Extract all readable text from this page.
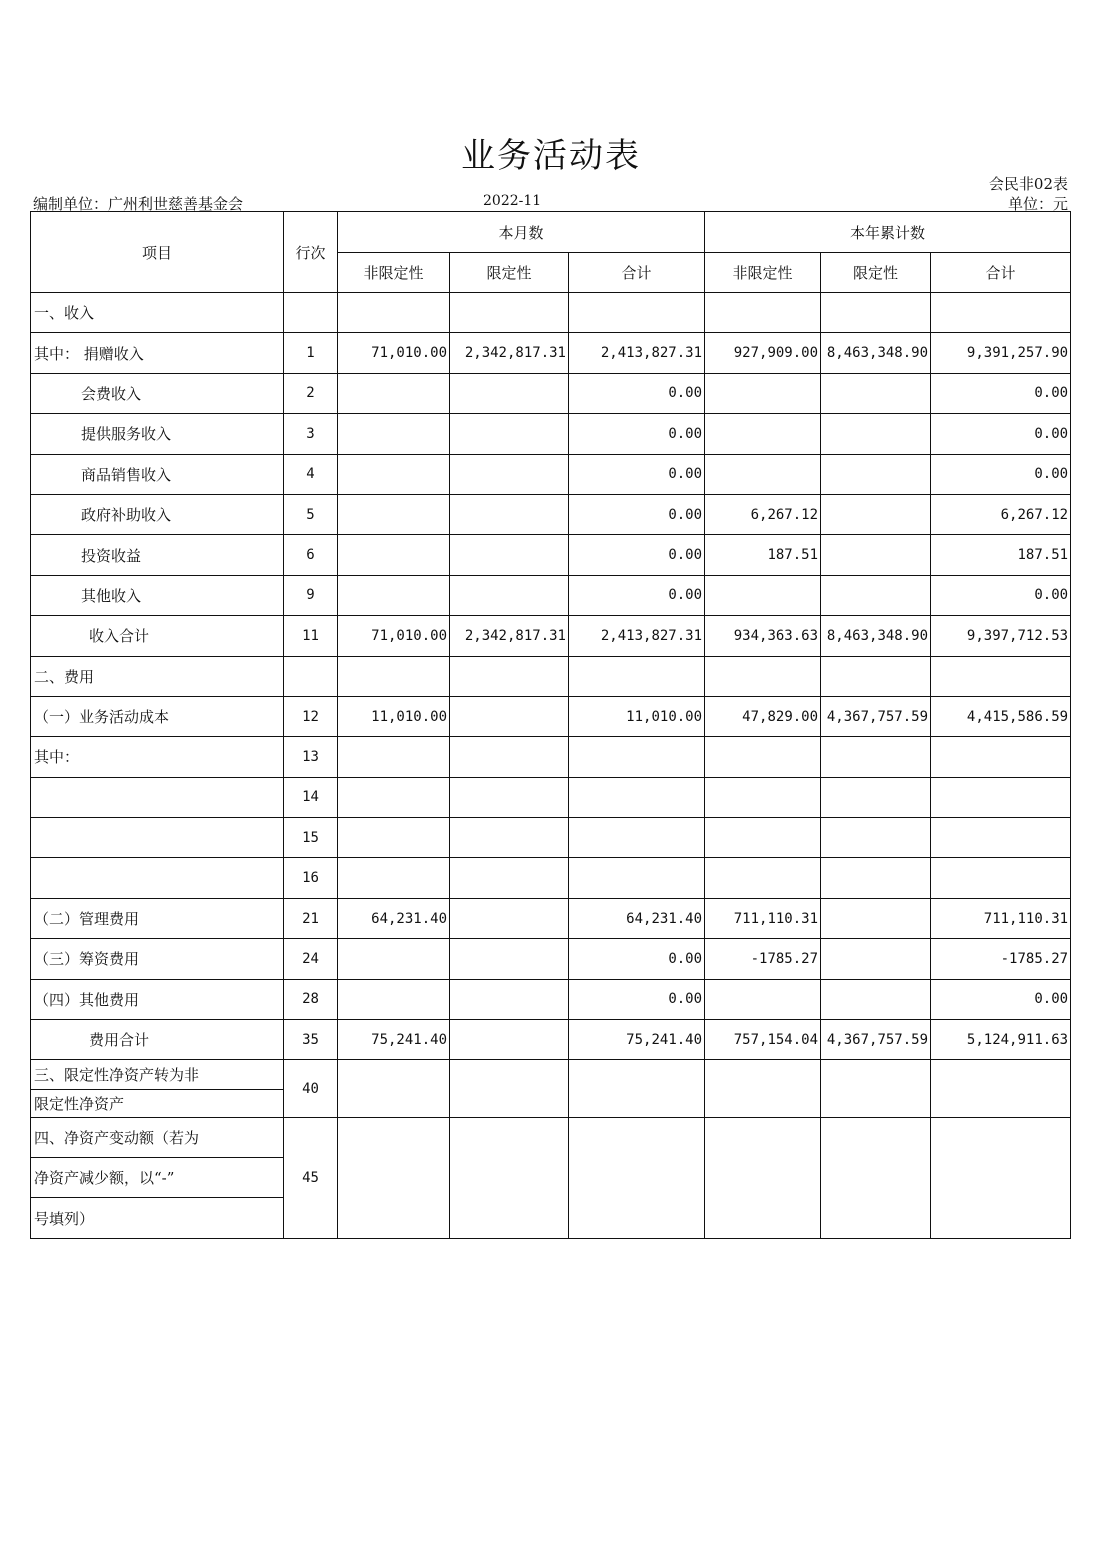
业务活动表
会民非02表
编制单位：广州利世慈善基金会	2022-11	单位：元
项目	行次	本月数			本年累计数		
		非限定性	限定性	合计	非限定性	限定性	合计
一、收入							
其中： 捐赠收入	1	71,010.00	2,342,817.31	2,413,827.31	927,909.00	8,463,348.90	9,391,257.90
会费收入	2			0.00			0.00
提供服务收入	3			0.00			0.00
商品销售收入	4			0.00			0.00
政府补助收入	5			0.00	6,267.12		6,267.12
投资收益	6			0.00	187.51		187.51
其他收入	9			0.00			0.00
收入合计	11	71,010.00	2,342,817.31	2,413,827.31	934,363.63	8,463,348.90	9,397,712.53
二、费用							
（一）业务活动成本	12	11,010.00		11,010.00	47,829.00	4,367,757.59	4,415,586.59
其中：	13						
	14						
	15						
	16						
（二）管理费用	21	64,231.40		64,231.40	711,110.31		711,110.31
（三）筹资费用	24			0.00	-1785.27		-1785.27
（四）其他费用	28			0.00			0.00
费用合计	35	75,241.40		75,241.40	757,154.04	4,367,757.59	5,124,911.63

三、限定性净资产转为非
限定性净资产	40						

四、净资产变动额（若为
净资产减少额，以“-”
号填列）	45						
